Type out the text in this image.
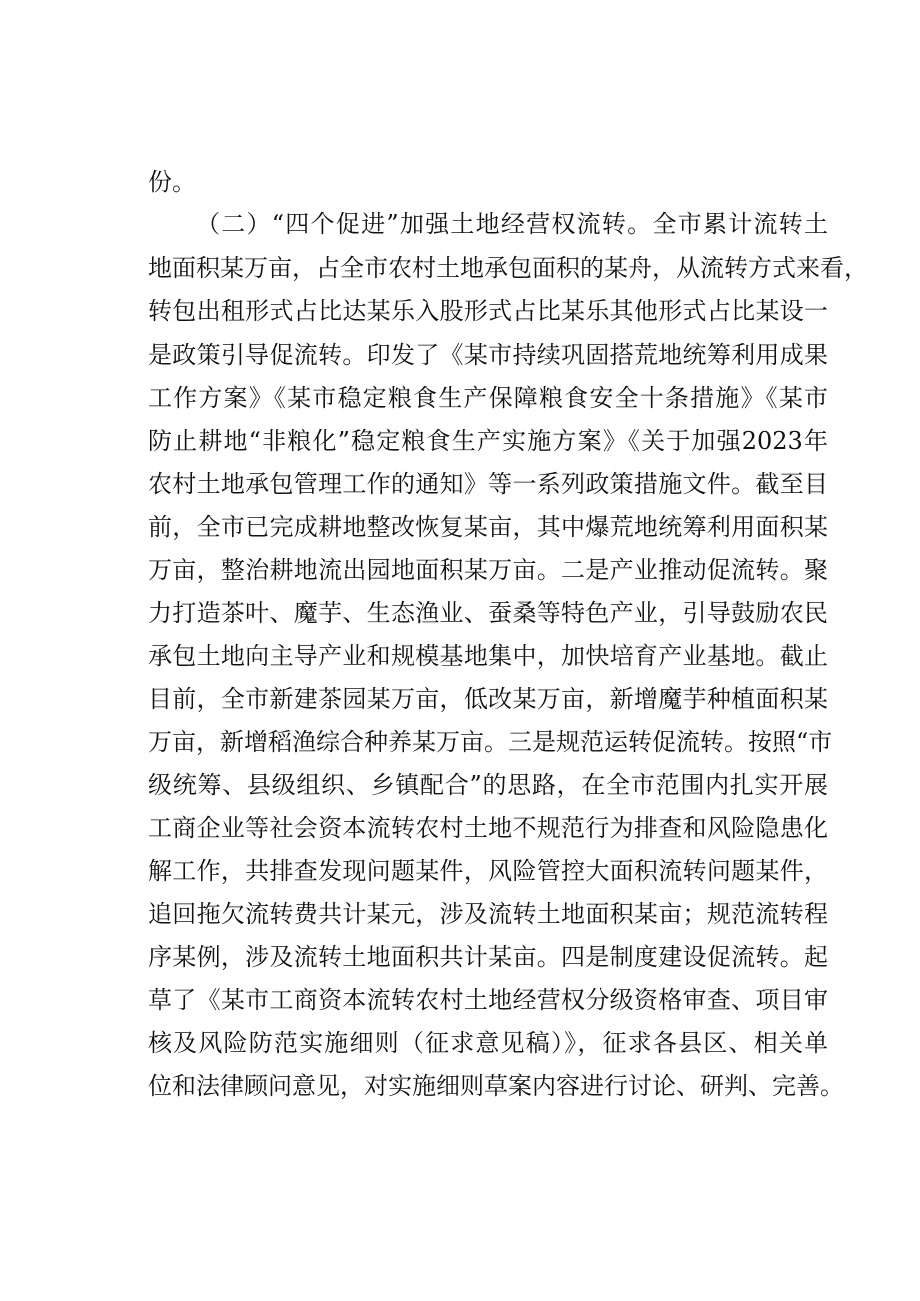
份。
（二）“四个促进”加强土地经营权流转。全市累计流转土
地面积某万亩，占全市农村土地承包面积的某舟，从流转方式来看，
转包出租形式占比达某乐入股形式占比某乐其他形式占比某设一
是政策引导促流转。印发了《某市持续巩固搭荒地统筹利用成果
工作方案》《某市稳定粮食生产保障粮食安全十条措施》《某市
防止耕地“非粮化”稳定粮食生产实施方案》《关于加强2023年
农村土地承包管理工作的通知》等一系列政策措施文件。截至目
前，全市已完成耕地整改恢复某亩，其中爆荒地统筹利用面积某
万亩，整治耕地流出园地面积某万亩。二是产业推动促流转。聚
力打造茶叶、魔芋、生态渔业、蚕桑等特色产业，引导鼓励农民
承包土地向主导产业和规模基地集中，加快培育产业基地。截止
目前，全市新建茶园某万亩，低改某万亩，新增魔芋种植面积某
万亩，新增稻渔综合种养某万亩。三是规范运转促流转。按照“市
级统筹、县级组织、乡镇配合”的思路，在全市范围内扎实开展
工商企业等社会资本流转农村土地不规范行为排查和风险隐患化
解工作，共排查发现问题某件，风险管控大面积流转问题某件，
追回拖欠流转费共计某元，涉及流转土地面积某亩；规范流转程
序某例，涉及流转土地面积共计某亩。四是制度建设促流转。起
草了《某市工商资本流转农村土地经营权分级资格审查、项目审
核及风险防范实施细则（征求意见稿）》，征求各县区、相关单
位和法律顾问意见，对实施细则草案内容进行讨论、研判、完善。
